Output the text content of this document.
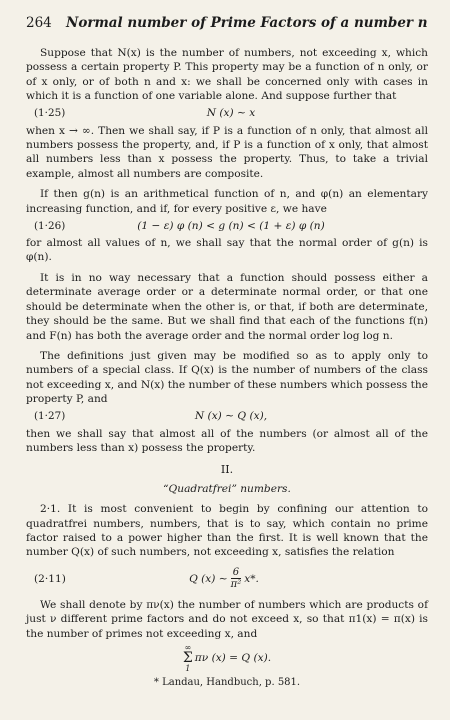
264	Normal number of Prime Factors of a number n

Suppose that N(x) is the number of numbers, not exceeding x, which possess a certain property P. This property may be a function of n only, or of x only, or of both n and x: we shall be concerned only with cases in which it is a function of one variable alone. And suppose further that

(1·25)	N (x) ∼ x

when x → ∞. Then we shall say, if P is a function of n only, that almost all numbers possess the property, and, if P is a function of x only, that almost all numbers less than x possess the property. Thus, to take a trivial example, almost all numbers are composite.

If then g(n) is an arithmetical function of n, and φ(n) an elementary increasing function, and if, for every positive ε, we have

(1·26)	(1 − ε) φ (n) < g (n) < (1 + ε) φ (n)

for almost all values of n, we shall say that the normal order of g(n) is φ(n).

It is in no way necessary that a function should possess either a determinate average order or a determinate normal order, or that one should be determinate when the other is, or that, if both are determinate, they should be the same. But we shall find that each of the functions f(n) and F(n) has both the average order and the normal order log log n.

The definitions just given may be modified so as to apply only to numbers of a special class. If Q(x) is the number of numbers of the class not exceeding x, and N(x) the number of these numbers which possess the property P, and

(1·27)	N (x) ∼ Q (x),

then we shall say that almost all of the numbers (or almost all of the numbers less than x) possess the property.

II.
“Quadratfrei” numbers.

2·1. It is most convenient to begin by confining our attention to quadratfrei numbers, numbers, that is to say, which contain no prime factor raised to a power higher than the first. It is well known that the number Q(x) of such numbers, not exceeding x, satisfies the relation

(2·11)	Q (x) ∼ $\frac{6}{\text{π²}} x*$.

We shall denote by πν(x) the number of numbers which are products of just ν different prime factors and do not exceed x, so that π1(x) = π(x) is the number of primes not exceeding x, and

∞
Σ
1
πν (x) = Q (x).
* Landau, Handbuch, p. 581.
